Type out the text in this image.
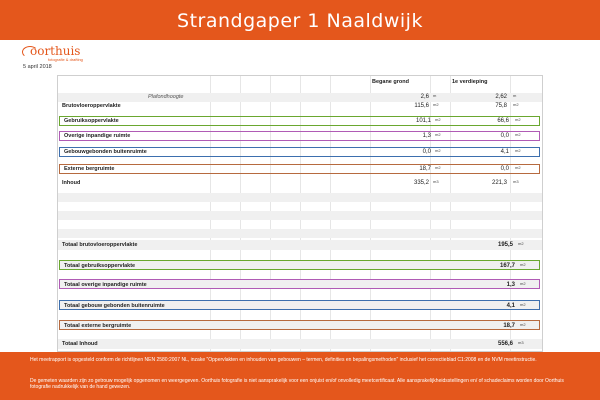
Strandgaper 1 Naaldwijk
oorthuis
fotografie & drafting
5 april 2018
Begane grond	1e verdieping
Plafondhoogte	2,6 m	2,62 m
Brutovloeroppervlakte	115,6 m2	75,8 m2
Gebruiksoppervlakte	101,1 m2	66,6 m2
Overige inpandige ruimte	1,3 m2	0,0 m2
Gebouwgebonden buitenruimte	0,0 m2	4,1 m2
Externe bergruimte	18,7 m2	0,0 m2
Inhoud	335,2 m3	221,3 m3
Totaal brutovloeroppervlakte	195,5 m2
Totaal gebruiksoppervlakte	167,7 m2
Totaal overige inpandige ruimte	1,3 m2
Totaal gebouw gebonden buitenruimte	4,1 m2
Totaal externe bergruimte	18,7 m2
Totaal Inhoud	556,6 m3

Het meetrapport is opgesteld conform de richtlijnen NEN 2580:2007 NL, inzake "Oppervlakten en inhouden van gebouwen – termen, definities en bepalingsmethoden" inclusief het correctieblad C1:2008 en de NVM meetinstructie.

De gemeten waarden zijn zo getrouw mogelijk opgenomen en weergegeven. Oorthuis fotografie is niet aansprakelijk voor een onjuist en/of onvolledig meetcertificaat. Alle aansprakelijkheidsstellingen en/ of schadeclaims worden door Oorthuis fotografie nadrukkelijk van de hand gewezen.
